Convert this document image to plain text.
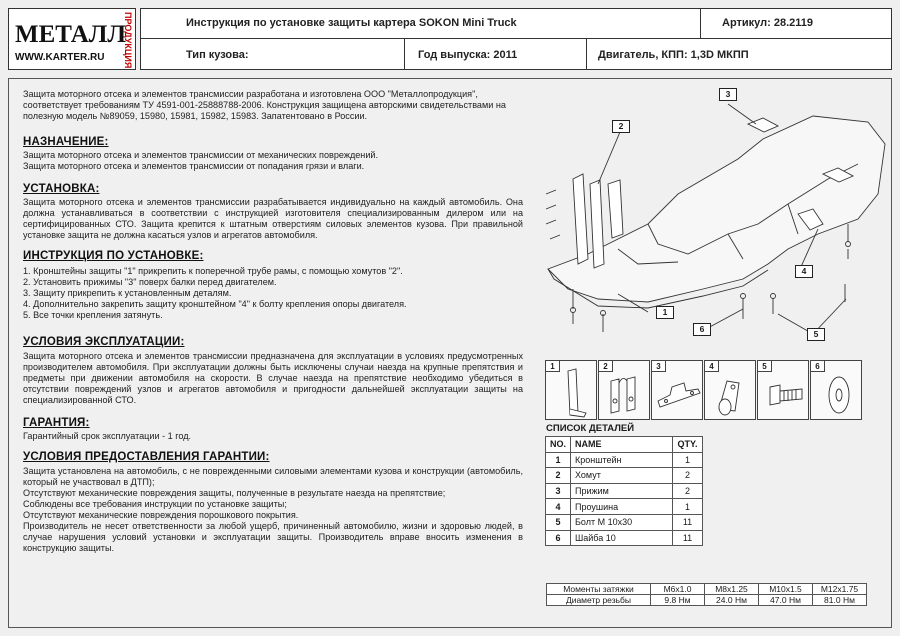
МЕТАЛЛ
ПРОДУКЦИЯ
WWW.KARTER.RU
Инструкция по установке защиты картера SOKON Mini Truck	Артикул: 28.2119
Тип кузова:	Год выпуска: 2011	Двигатель, КПП: 1,3D МКПП
Защита моторного отсека и элементов трансмиссии разработана и изготовлена ООО "Металлопродукция", соответствует требованиям ТУ 4591-001-25888788-2006. Конструкция защищена авторскими свидетельствами на полезную модель №89059, 15980, 15981, 15982, 15983. Запатентовано в России.
НАЗНАЧЕНИЕ:
Защита моторного отсека и элементов трансмиссии от механических повреждений.
Защита моторного отсека и элементов трансмиссии от попадания грязи и влаги.
УСТАНОВКА:
Защита моторного отсека и элементов трансмиссии разрабатывается индивидуально на каждый автомобиль. Она должна устанавливаться в соответствии с инструкцией изготовителя специализированным дилером или на сертифицированных СТО. Защита крепится к штатным отверстиям силовых элементов кузова. При правильной установке защита не должна касаться узлов и агрегатов автомобиля.
ИНСТРУКЦИЯ ПО УСТАНОВКЕ:
1. Кронштейны защиты "1" прикрепить к поперечной трубе рамы, с помощью хомутов "2".
2. Установить прижимы "3" поверх балки перед двигателем.
3. Защиту прикрепить к установленным деталям.
4. Дополнительно закрепить защиту кронштейном "4" к болту крепления опоры двигателя.
5. Все точки крепления затянуть.
УСЛОВИЯ ЭКСПЛУАТАЦИИ:
Защита моторного отсека и элементов трансмиссии предназначена для эксплуатации в условиях предусмотренных производителем автомобиля. При эксплуатации должны быть исключены случаи наезда на крупные препятствия и предметы при движении автомобиля на скорости. В случае наезда на препятствие необходимо убедиться в отсутствии повреждений узлов и агрегатов автомобиля и пригодности дальнейшей эксплуатации защиты на специализированной СТО.
ГАРАНТИЯ:
Гарантийный срок эксплуатации - 1 год.
УСЛОВИЯ ПРЕДОСТАВЛЕНИЯ ГАРАНТИИ:
Защита установлена на автомобиль, с не поврежденными силовыми элементами кузова и конструкции (автомобиль, который не участвовал в ДТП);
Отсутствуют механические повреждения защиты, полученные в результате наезда на препятствие;
Соблюдены все требования инструкции по установке защиты;
Отсутствуют механические повреждения порошкового покрытия.
Производитель не несет ответственности за любой ущерб, причиненный автомобилю, жизни и здоровью людей, в случае нарушения условий установки и эксплуатации защиты. Производитель вправе вносить изменения в конструкцию защиты.
2
3
4
1
6	5
1	2	3	4	5	6
СПИСОК ДЕТАЛЕЙ
NO.	NAME	QTY.
1	Кронштейн	1
2	Хомут	2
3	Прижим	2
4	Проушина	1
5	Болт М 10х30	11
6	Шайба 10	11
Моменты затяжки	M6x1.0	M8x1.25	M10x1.5	M12x1.75
Диаметр резьбы	9.8 Нм	24.0 Нм	47.0 Нм	81.0 Нм
